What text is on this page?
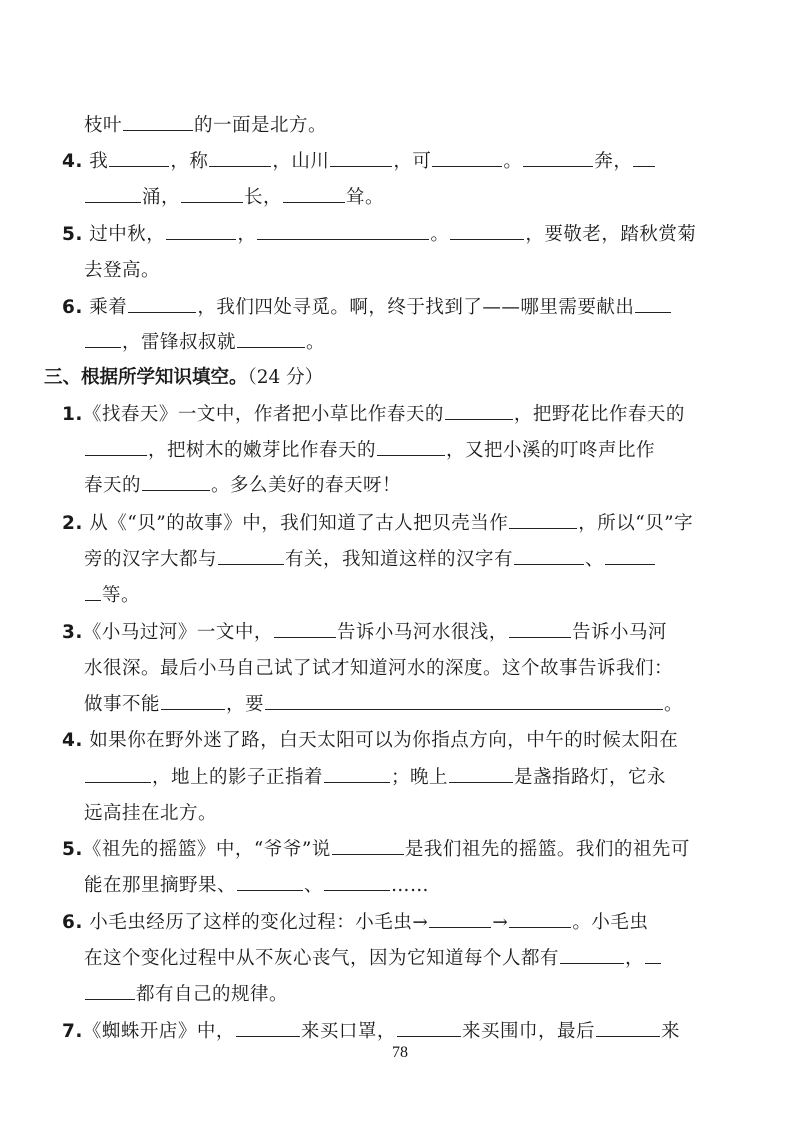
枝叶	的一面是北方。
4. 我	，称	，山川	，可	。	奔，
涌，	长，	耸。
5. 过中秋，	，	。	，要敬老，踏秋赏菊
去登高。
6. 乘着	，我们四处寻觅。啊，终于找到了——哪里需要献出
，雷锋叔叔就	。
三、根据所学知识填空。（24 分）
1.《找春天》一文中，作者把小草比作春天的	，把野花比作春天的
，把树木的嫩芽比作春天的	，又把小溪的叮咚声比作
春天的	。多么美好的春天呀！
2. 从《“贝”的故事》中，我们知道了古人把贝壳当作	，所以“贝”字
旁的汉字大都与	有关，我知道这样的汉字有	、
等。
3.《小马过河》一文中，	告诉小马河水很浅，	告诉小马河
水很深。最后小马自己试了试才知道河水的深度。这个故事告诉我们：
做事不能	，要	。
4. 如果你在野外迷了路，白天太阳可以为你指点方向，中午的时候太阳在
，地上的影子正指着	；晚上	是盏指路灯，它永
远高挂在北方。
5.《祖先的摇篮》中，“爷爷”说	是我们祖先的摇篮。我们的祖先可
能在那里摘野果、	、	……
6. 小毛虫经历了这样的变化过程：小毛虫→	→	。小毛虫
在这个变化过程中从不灰心丧气，因为它知道每个人都有	，
都有自己的规律。
7.《蜘蛛开店》中，	来买口罩，	来买围巾，最后	来
78
